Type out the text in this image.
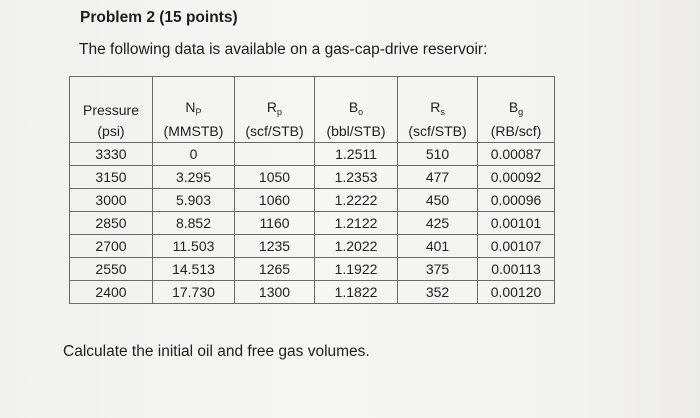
Problem 2 (15 points)
The following data is available on a gas-cap-drive reservoir:
Pressure	$N_P$	$R_p$	$B_o$	$R_s$	$B_g$
(psi)	(MMSTB)	(scf/STB)	(bbl/STB)	(scf/STB)	(RB/scf)
3330	0		1.2511	510	0.00087
3150	3.295	1050	1.2353	477	0.00092
3000	5.903	1060	1.2222	450	0.00096
2850	8.852	1160	1.2122	425	0.00101
2700	11.503	1235	1.2022	401	0.00107
2550	14.513	1265	1.1922	375	0.00113
2400	17.730	1300	1.1822	352	0.00120
Calculate the initial oil and free gas volumes.
